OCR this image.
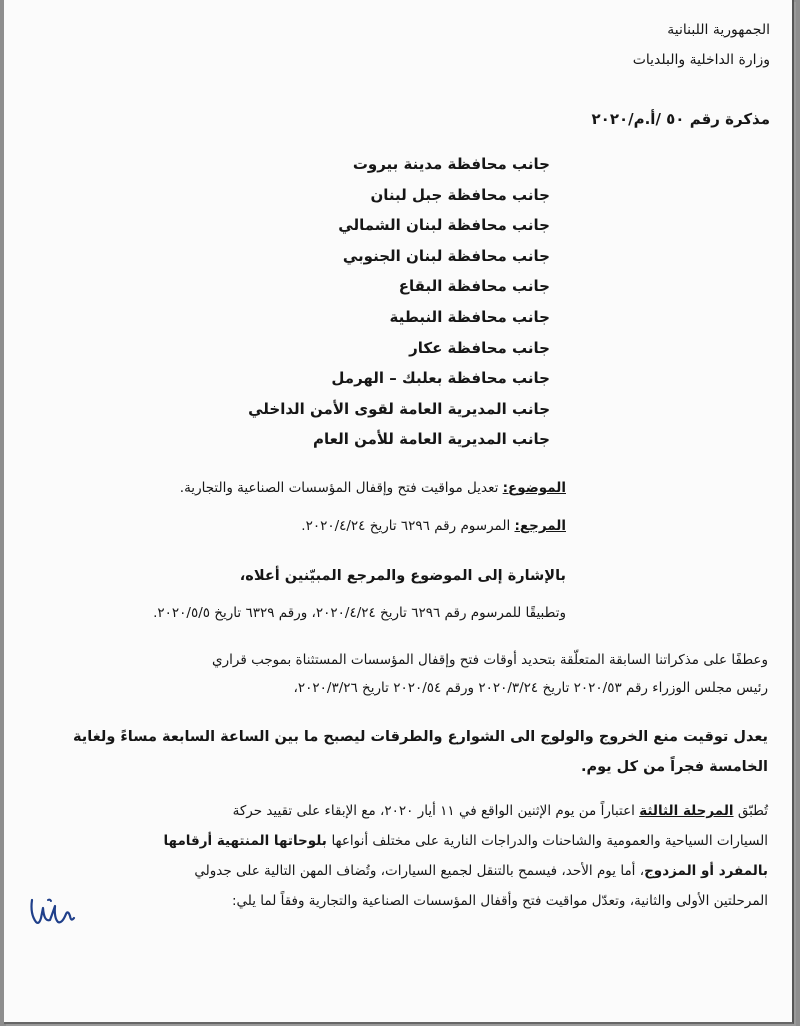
الجمهورية اللبنانية
وزارة الداخلية والبلديات
مذكرة رقم ٥٠ /أ.م/٢٠٢٠
جانب محافظة مدينة بيروت
جانب محافظة جبل لبنان
جانب محافظة لبنان الشمالي
جانب محافظة لبنان الجنوبي
جانب محافظة البقاع
جانب محافظة النبطية
جانب محافظة عكار
جانب محافظة بعلبك – الهرمل
جانب المديرية العامة لقوى الأمن الداخلي
جانب المديرية العامة للأمن العام
الموضوع: تعديل مواقيت فتح وإقفال المؤسسات الصناعية والتجارية.
المرجع: المرسوم رقم ٦٢٩٦ تاريخ ٢٠٢٠/٤/٢٤.
بالإشارة إلى الموضوع والمرجع المبيّنين أعلاه،
وتطبيقًا للمرسوم رقم ٦٢٩٦ تاريخ ٢٠٢٠/٤/٢٤، ورقم ٦٣٢٩ تاريخ ٢٠٢٠/٥/٥.
وعطفًا على مذكراتنا السابقة المتعلّقة بتحديد أوقات فتح وإقفال المؤسسات المستثناة بموجب قراري
رئيس مجلس الوزراء رقم ٢٠٢٠/٥٣ تاريخ ٢٠٢٠/٣/٢٤ ورقم ٢٠٢٠/٥٤ تاريخ ٢٠٢٠/٣/٢٦،
يعدل توقيت منع الخروج والولوج الى الشوارع والطرقات ليصبح ما بين الساعة السابعة مساءً ولغاية
الخامسة فجراً من كل يوم.
تُطبّق المرحلة الثالثة اعتباراً من يوم الإثنين الواقع في ١١ أيار ٢٠٢٠، مع الإبقاء على تقييد حركة
السيارات السياحية والعمومية والشاحنات والدراجات النارية على مختلف أنواعها بلوحاتها المنتهية أرقامها
بالمفرد أو المزدوج، أما يوم الأحد، فيسمح بالتنقل لجميع السيارات، وتُضاف المهن التالية على جدولي
المرحلتين الأولى والثانية، وتعدّل مواقيت فتح وأقفال المؤسسات الصناعية والتجارية وفقاً لما يلي:
